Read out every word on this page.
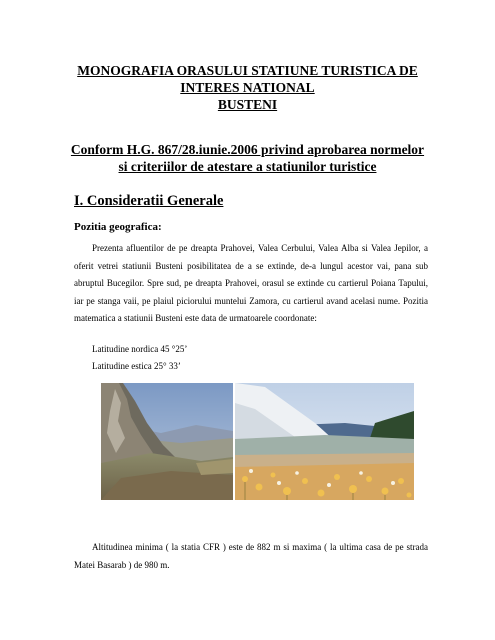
MONOGRAFIA ORASULUI STATIUNE TURISTICA DE
INTERES NATIONAL
BUSTENI
Conform H.G. 867/28.iunie.2006 privind aprobarea normelor
si criteriilor de atestare a statiunilor turistice
I. Consideratii Generale
Pozitia geografica:

Prezenta afluentilor de pe dreapta Prahovei, Valea Cerbului, Valea Alba si Valea Jepilor, a oferit vetrei statiunii Busteni posibilitatea de a se extinde, de-a lungul acestor vai, pana sub abruptul Bucegilor. Spre sud, pe dreapta Prahovei, orasul se extinde cu cartierul Poiana Tapului, iar pe stanga vaii, pe plaiul piciorului muntelui Zamora, cu cartierul avand acelasi nume. Pozitia matematica a statiunii Busteni este data de urmatoarele coordonate:

Latitudine nordica 45 °25’
Latitudine estica 25° 33’

Altitudinea minima ( la statia CFR ) este de 882 m si maxima ( la ultima casa de pe strada Matei Basarab ) de 980 m.
